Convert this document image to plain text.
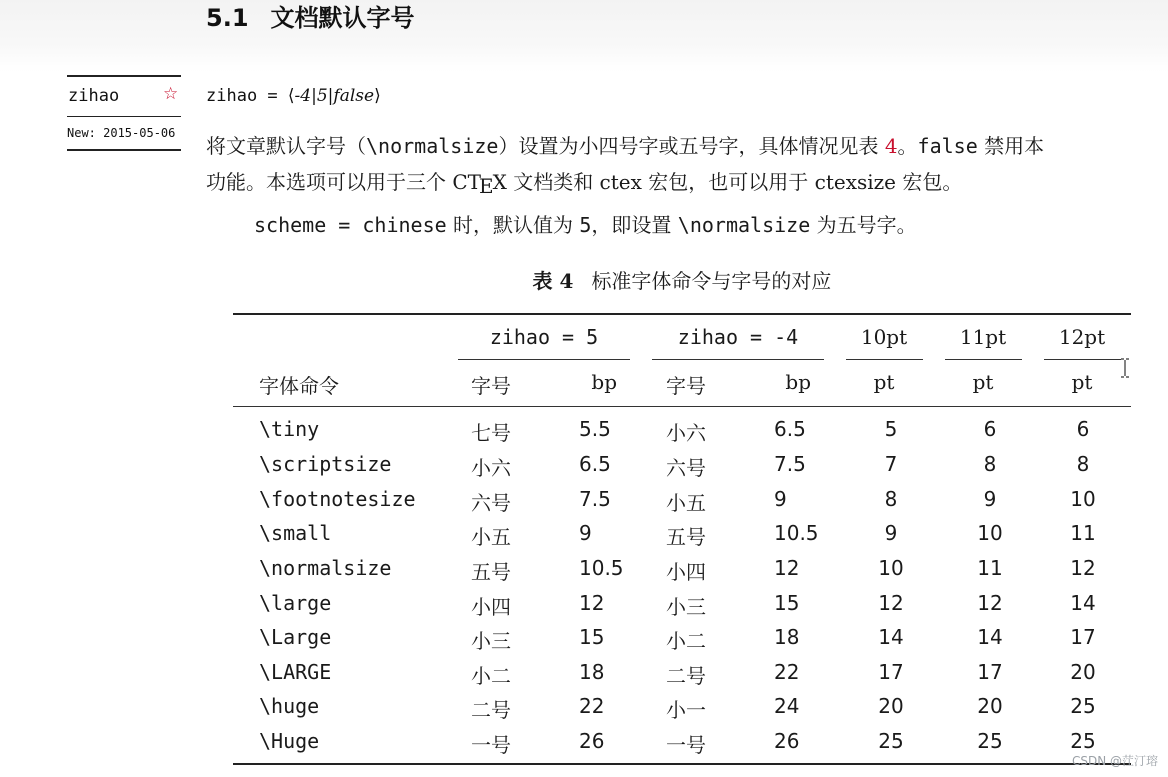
5.1 文档默认字号
zihao	☆
New: 2015-05-06
zihao = ⟨-4|5|false⟩
将文章默认字号（\normalsize）设置为小四号字或五号字，具体情况见表 4。false 禁用本
功能。本选项可以用于三个 CTEX 文档类和 ctex 宏包，也可以用于 ctexsize 宏包。
scheme = chinese 时，默认值为 5，即设置 \normalsize 为五号字。
表 4 标准字体命令与字号的对应
zihao = 5	zihao = -4	10pt	11pt	12pt
字体命令	字号	bp 字号	bp	pt	pt	pt
\tiny	七号	5.5	小六	6.5	5	6	6
\scriptsize	小六	6.5	六号	7.5	7	8	8
\footnotesize	六号	7.5	小五	9	8	9	10
\small	小五	9	五号	10.5	9	10	11
\normalsize	五号	10.5 小四	12	10	11	12
\large	小四	12	小三	15	12	12	14
\Large	小三	15	小二	18	14	14	17
\LARGE	小二	18	二号	22	17	17	20
\huge	二号	22	小一	24	20	20	25
\Huge	一号	26	一号	26	25	25	25
CSDN @茳汀瑢
